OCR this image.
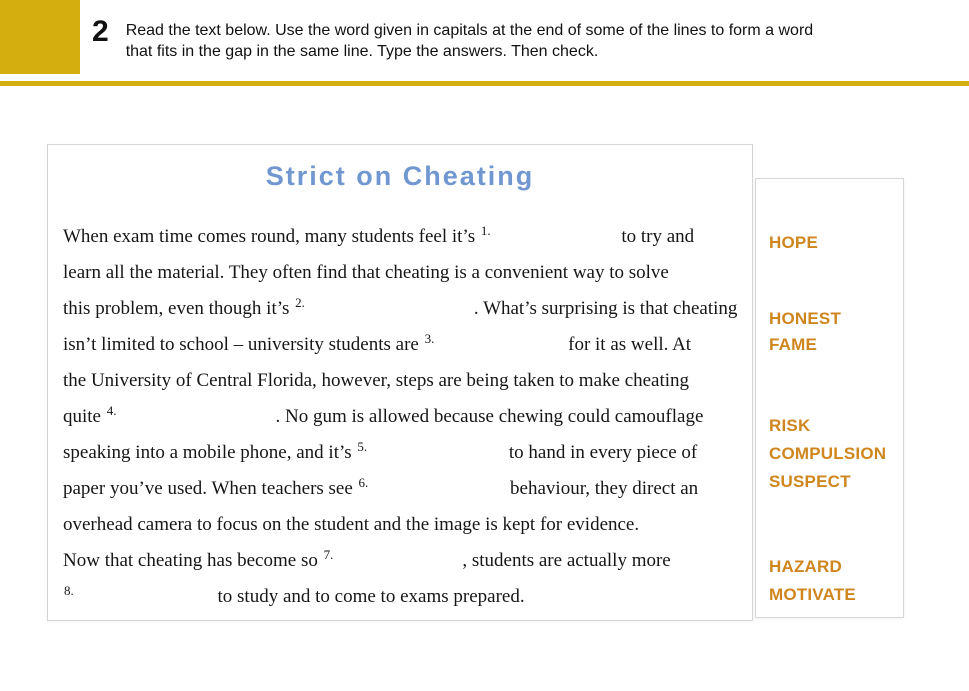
2 Read the text below. Use the word given in capitals at the end of some of the lines to form a word
that fits in the gap in the same line. Type the answers. Then check.
Strict on Cheating
When exam time comes round, many students feel it’s $^{1.}$	to try and
learn all the material. They often find that cheating is a convenient way to solve
this problem, even though it’s $^{2.}$	. What’s surprising is that cheating
isn’t limited to school – university students are $^{3.}$	for it as well. At
the University of Central Florida, however, steps are being taken to make cheating
quite $^{4.}$	. No gum is allowed because chewing could camouflage
speaking into a mobile phone, and it’s $^{5.}$	to hand in every piece of
paper you’ve used. When teachers see $^{6.}$	behaviour, they direct an
overhead camera to focus on the student and the image is kept for evidence.
Now that cheating has become so $^{7.}$	, students are actually more
$^{8.}$	to study and to come to exams prepared.
HOPE
HONEST
FAME
RISK
COMPULSION
SUSPECT
HAZARD
MOTIVATE
